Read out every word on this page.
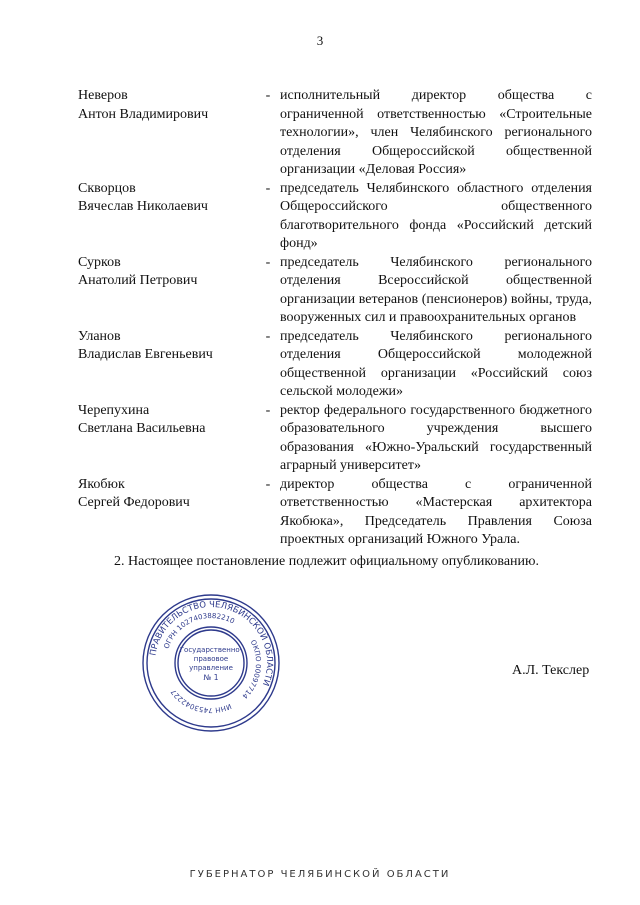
3
Неверов
Антон Владимирович
- исполнительный директор общества с ограниченной ответственностью «Строительные технологии», член Челябинского регионального отделения Общероссийской общественной организации «Деловая Россия»
Скворцов
Вячеслав Николаевич
- председатель Челябинского областного отделения Общероссийского общественного благотворительного фонда «Российский детский фонд»
Сурков
Анатолий Петрович
- председатель Челябинского регионального отделения Всероссийской общественной организации ветеранов (пенсионеров) войны, труда, вооруженных сил и правоохранительных органов
Уланов
Владислав Евгеньевич
- председатель Челябинского регионального отделения Общероссийской молодежной общественной организации «Российский союз сельской молодежи»
Черепухина
Светлана Васильевна
- ректор федерального государственного бюджетного образовательного учреждения высшего образования «Южно-Уральский государственный аграрный университет»
Якобюк
Сергей Федорович
- директор общества с ограниченной ответственностью «Мастерская архитектора Якобюка», Председатель Правления Союза проектных организаций Южного Урала.
2. Настоящее постановление подлежит официальному опубликованию.
ПРАВИТЕЛЬСТВО ЧЕЛЯБИНСКОЙ ОБЛАСТИ
ОГРН 1027403882210
ОКПО 00097714
ИНН 7453042227
Государственно-
правовое
управление
№ 1	А.Л. Текслер
ГУБЕРНАТОР ЧЕЛЯБИНСКОЙ ОБЛАСТИ
